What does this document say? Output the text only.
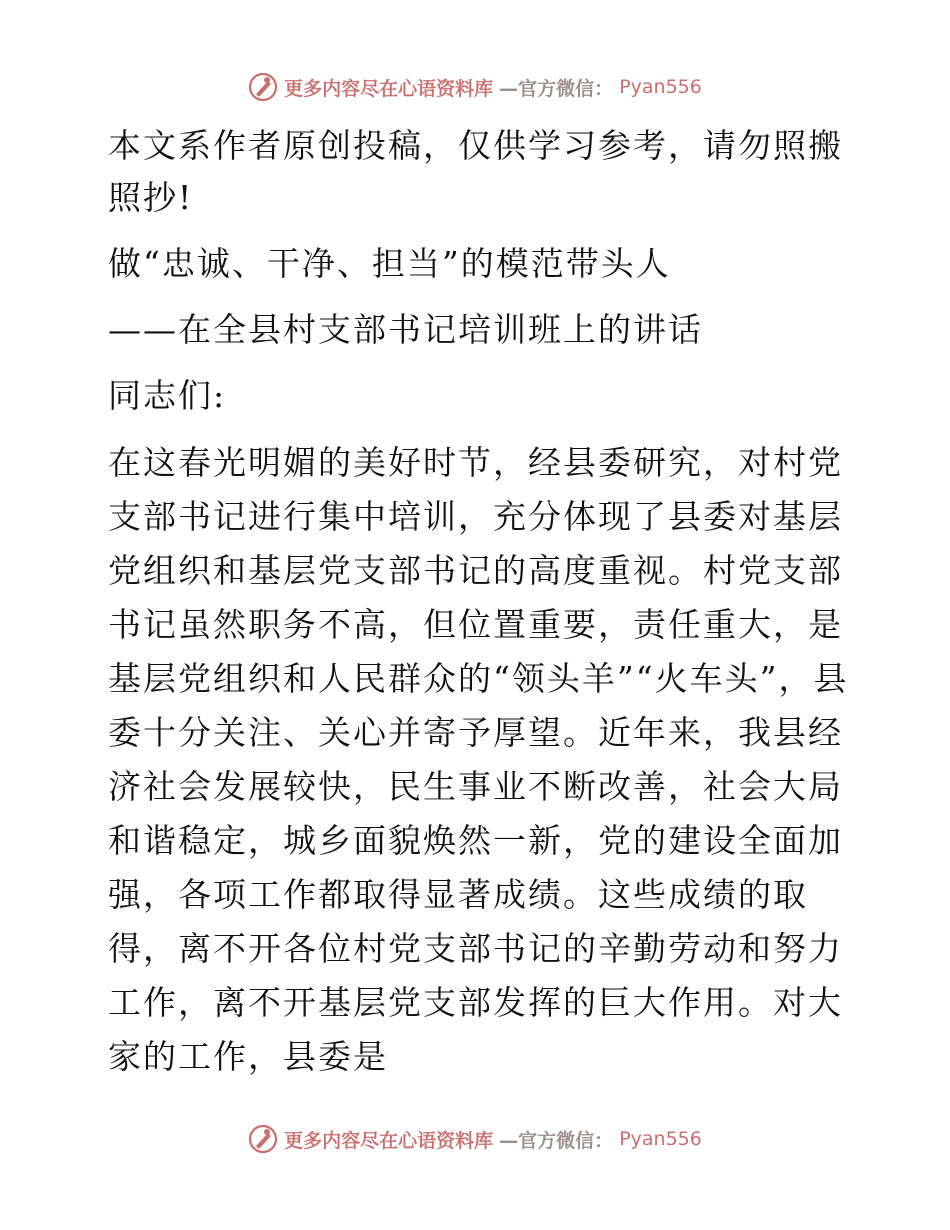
更多内容尽在心语资料库 —官方微信： Pyan556

本文系作者原创投稿，仅供学习参考，请勿照搬照抄!

做“忠诚、干净、担当”的模范带头人

——在全县村支部书记培训班上的讲话

同志们:

在这春光明媚的美好时节，经县委研究，对村党支部书记进行集中培训，充分体现了县委对基层党组织和基层党支部书记的高度重视。村党支部书记虽然职务不高，但位置重要，责任重大，是基层党组织和人民群众的“领头羊”“火车头”，县委十分关注、关心并寄予厚望。近年来，我县经济社会发展较快，民生事业不断改善，社会大局和谐稳定，城乡面貌焕然一新，党的建设全面加强，各项工作都取得显著成绩。这些成绩的取得，离不开各位村党支部书记的辛勤劳动和努力工作，离不开基层党支部发挥的巨大作用。对大家的工作，县委是

更多内容尽在心语资料库 —官方微信： Pyan556
